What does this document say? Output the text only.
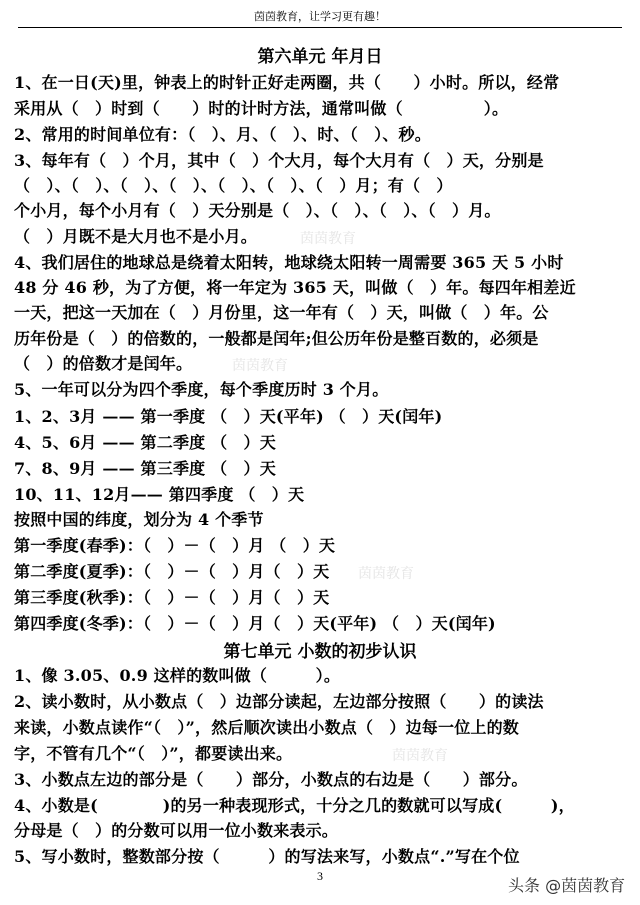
茵茵教育，让学习更有趣！
第六单元 年月日
1、在一日(天)里，钟表上的时针正好走两圈，共（　　）小时。所以，经常
采用从（　）时到（　　）时的计时方法，通常叫做（　　　　　）。
2、常用的时间单位有：（　）、月、（　）、时、（　）、秒。
3、每年有（　）个月，其中（　）个大月，每个大月有（　）天，分别是
（　）、（　）、（　）、（　）、（　）、（　）、（　）月；有（　）
个小月，每个小月有（　）天分别是（　）、（　）、（　）、（　）月。
（　）月既不是大月也不是小月。
4、我们居住的地球总是绕着太阳转，地球绕太阳转一周需要 365 天 5 小时
48 分 46 秒，为了方便，将一年定为 365 天，叫做（　）年。每四年相差近
一天，把这一天加在（　）月份里，这一年有（　）天，叫做（　）年。公
历年份是（　）的倍数的，一般都是闰年;但公历年份是整百数的，必须是
（　）的倍数才是闰年。
5、一年可以分为四个季度，每个季度历时 3 个月。
1、2、3月 —— 第一季度 （　）天(平年) （　）天(闰年)
4、5、6月 —— 第二季度 （　）天
7、8、9月 —— 第三季度 （　）天
10、11、12月—— 第四季度 （　）天
按照中国的纬度，划分为 4 个季节
第一季度(春季)：（　）－（　）月 （　）天
第二季度(夏季)：（　）－（　）月（　）天
第三季度(秋季)：（　）－（　）月（　）天
第四季度(冬季)：（　）－（　）月（　）天(平年) （　）天(闰年)
第七单元 小数的初步认识
1、像 3.05、0.9 这样的数叫做（　　　）。
2、读小数时，从小数点（　）边部分读起，左边部分按照（　　）的读法
来读，小数点读作“（　）”，然后顺次读出小数点（　）边每一位上的数
字，不管有几个“（　）”，都要读出来。
3、小数点左边的部分是（　　）部分，小数点的右边是（　　）部分。
4、小数是(　　　　)的另一种表现形式，十分之几的数就可以写成(　　　)，
分母是（　）的分数可以用一位小数来表示。
5、写小数时，整数部分按（　　　）的写法来写，小数点“.”写在个位
茵茵教育
茵茵教育
茵茵教育
茵茵教育
3	头条 @茵茵教育
